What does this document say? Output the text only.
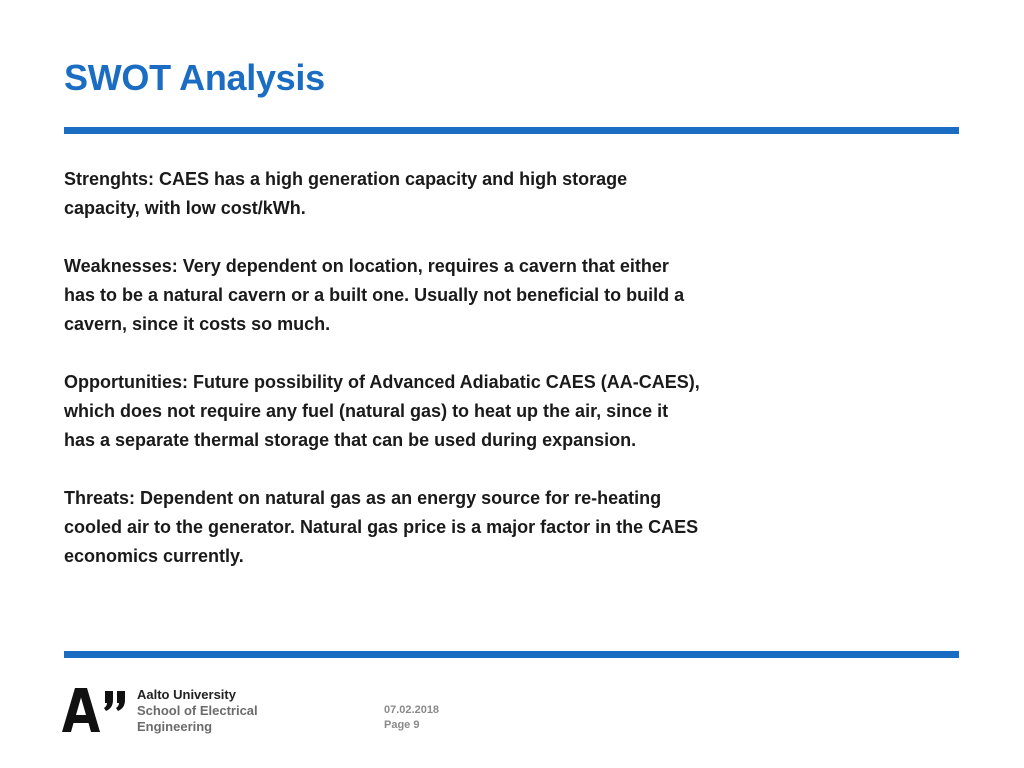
SWOT Analysis

Strenghts: CAES has a high generation capacity and high storage
capacity, with low cost/kWh.

Weaknesses: Very dependent on location, requires a cavern that either
has to be a natural cavern or a built one. Usually not beneficial to build a
cavern, since it costs so much.

Opportunities: Future possibility of Advanced Adiabatic CAES (AA-CAES),
which does not require any fuel (natural gas) to heat up the air, since it
has a separate thermal storage that can be used during expansion.

Threats: Dependent on natural gas as an energy source for re-heating
cooled air to the generator. Natural gas price is a major factor in the CAES
economics currently.

Aalto University
School of Electrical
Engineering
07.02.2018
Page 9
